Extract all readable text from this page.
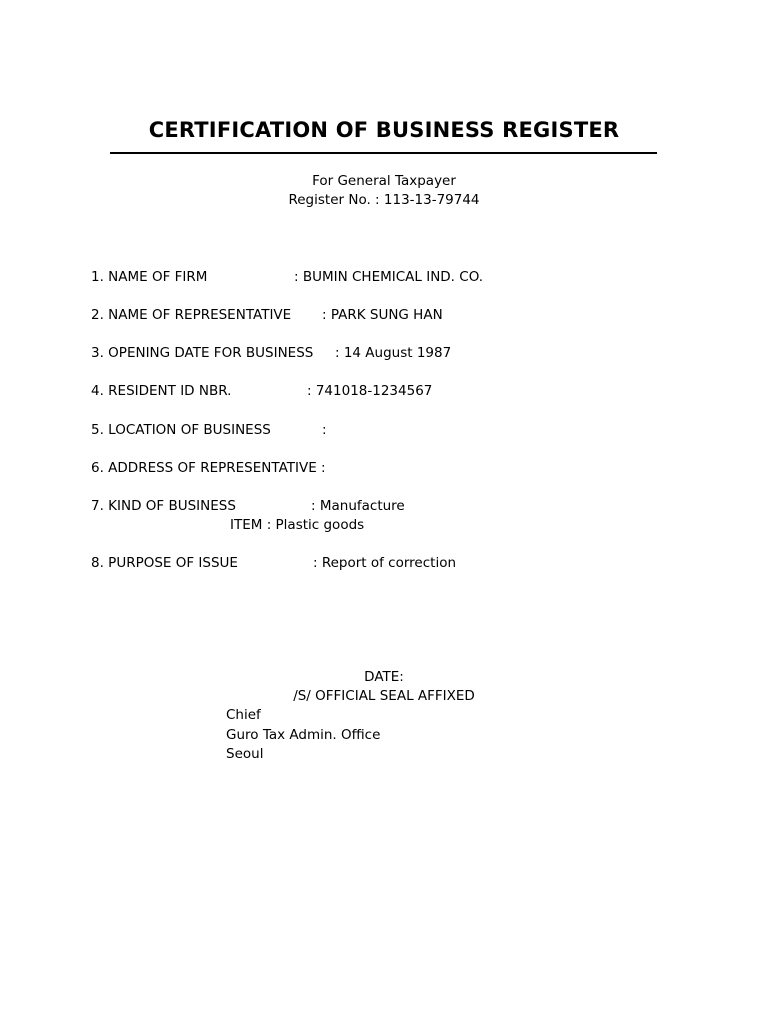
CERTIFICATION OF BUSINESS REGISTER
For General Taxpayer
Register No. : 113-13-79744
1. NAME OF FIRM	: BUMIN CHEMICAL IND. CO.
2. NAME OF REPRESENTATIVE : PARK SUNG HAN
3. OPENING DATE FOR BUSINESS : 14 August 1987
4. RESIDENT ID NBR.	: 741018-1234567
5. LOCATION OF BUSINESS	:
6. ADDRESS OF REPRESENTATIVE :
7. KIND OF BUSINESS	: Manufacture
ITEM : Plastic goods
8. PURPOSE OF ISSUE	: Report of correction
DATE:
/S/ OFFICIAL SEAL AFFIXED
Chief
Guro Tax Admin. Office
Seoul
